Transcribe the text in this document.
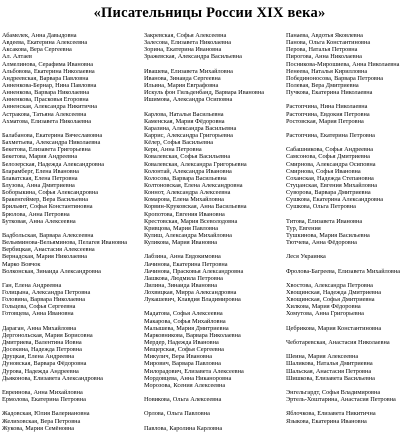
«Писательницы России XIX века»
Абамелек, Анна Давыдовна
Авдеева, Екатерина Алексеевна
Аксакова, Вера Сергеевна
Ал. Алтаев
Алмелинова, Серафима Ивановна
Альбовова, Екатерина Николаевна
Андреевская, Варвара Павловна
Анненкова-Бернар, Нина Павловна
Анненкова, Варвара Николаевна
Анненкова, Прасковья Егоровна
Анненская, Александра Никитична
Астракова, Татьяна Алексеевна
Ахматова, Елизавета Николаевна
Балабанова, Екатерина Вячеславовна
Бахметьева, Александра Николаевна
Бекетова, Елизавета Григорьевна
Бекетова, Мария Андреевна
Белозерская, Надежда Александровна
Бларамберг, Елена Ивановна
Блаватская, Елена Петровна
Блузова, Анна Дмитриевна
Боборыкина, Софья Александровна
Бракенгеймер, Вера Васильевна
Брильянт, Софья Константиновна
Брюлова, Анна Петровна
Бутковая, Анна Алексеевна
Вадбольская, Варвара Алексеевна
Вельяминова-Вельяминова, Пелагея Ивановна
Вербицкая, Анастасия Алексеевна
Вернадская, Мария Николаевна
Марко Вовчок
Волконская, Зинаида Александровна
Ган, Елена Андреевна
Голицына, Александра Петровна
Головина, Варвара Николаевна
Гольцева, Софья Сергеевна
Готовцева, Анна Ивановна
Дараган, Анна Михайловна
Дергонольская, Мария Борисовна
Дмитриева, Валентина Иовна
Досекина, Надежда Петровна
Друцкая, Елена Андреевна
Дуновская, Варвара Фёдоровна
Дурова, Надежда Андреевна
Дьяконова, Елизавета Александровна
Евреинова, Анна Михайловна
Ермолова, Екатерина Петровна
Жадовская, Юлия Валериановна
Желиховская, Вера Петровна
Жукова, Мария Семёновна
Закревская, Софья Алексеевна
Залесова, Елизавета Николаевна
Зорина, Екатерина Ивановна
Зражевская, Александра Васильевна
Ивашева, Елизавета Михайловна
Иванова, Зинаида Сергеевна
Ильина, Мария Евграфовна
Искуль фон Гильденбанд, Варвара Ивановна
Ишимова, Александра Осиповна
Карлова, Наталья Васильевна
Каменская, Мария Фёдоровна
Каразина, Александра Васильевна
Каррис, Александра Григорьевна
Кёлер, Софья Васильевна
Кери, Анна Петровна
Ковалевская, Софья Васильевна
Ковалевская, Александра Григорьевна
Колонтай, Александра Ивановна
Колосова, Варвара Васильевна
Колтоновская, Елена Александровна
Коннот, Александра Алексеевна
Комарова, Елена Михайловна
Корвин-Круковская, Анна Васильевна
Кропотова, Евгения Ивановна
Крестовская, Мария Всеволодовна
Кривцова, Мария Павловна
Кулиш, Александра Михайловна
Куликова, Мария Ивановна
Лабзина, Анна Евдокимовна
Лачинова, Екатерина Петровна
Лачинова, Прасковья Александровна
Лашкова, Людмила Петровна
Лилина, Зинаида Ивановна
Лохвицкая, Мирра Александровна
Лукашевич, Клавдия Владимировна
Мадатова, Софья Алексеевна
Макарова, Софья Михайловна
Малышева, Мария Дмитриевна
Марковникова, Варвара Николаевна
Мердер, Надежда Ивановна
Мещерская, Софья Сергеевна
Микулич, Вера Ивановна
Мирович, Варвара Павловна
Милорадович, Елизавета Алексеевна
Мордовцева, Анна Никаноровна
Морозова, Ксения Алексеевна
Новикова, Ольга Алексеевна
Орлова, Ольга Павловна
Павлова, Каролина Карловна
Панаева, Авдотья Яковлевна
Панова, Ольга Константиновна
Перова, Наталья Петровна
Пирогова, Анна Николаевна
Посникова-Мирошиева, Анна Николаевна
Ненеева, Наталья Кирилловна
Побединоносова, Варвара Петровна
Полевая, Вера Дмитриевна
Пучкова, Екатерина Николаевна
Растопчина, Нина Николаевна
Растопчина, Евдокия Петровна
Ростовская, Мария Петровна
Растопчина, Екатерина Петровна
Сабашникова, Софья Андреевна
Самсонова, Софья Дмитриевна
Смирнова, Александра Осиповна
Смирнова, Софья Ивановна
Соханская, Надежда Степановна
Стуцанская, Евгения Михайловна
Суворова, Варвара Дмитриевна
Сушкова, Екатерина Александровна
Сушкова, Ольга Петровна
Титова, Елизавета Ивановна
Тур, Евгения
Тушкинова, Мария Васильевна
Тютчева, Анна Фёдоровна
Леся Украинка
Фролова-Багреева, Елизавета Михайловна
Хвостова, Александра Петровна
Хвощинская, Надежда Дмитриевна
Хвощинская, Софья Дмитриевна
Хилкова, Мария Фёдоровна
Хомутова, Анна Григорьевна
Цебрикова, Мария Константиновна
Чеботаревская, Анастасия Николаевна
Шеина, Мария Алексеевна
Шаликова, Наталья Дмитриевна
Шальская, Анастасия Петровна
Шишкова, Елизавета Васильевна
Энгельгардт, Софья Владимировна
Эртель-Хоштарина, Анастасия Петровна
Яблочкова, Елизавета Никитична
Языкова, Екатерина Ивановна
